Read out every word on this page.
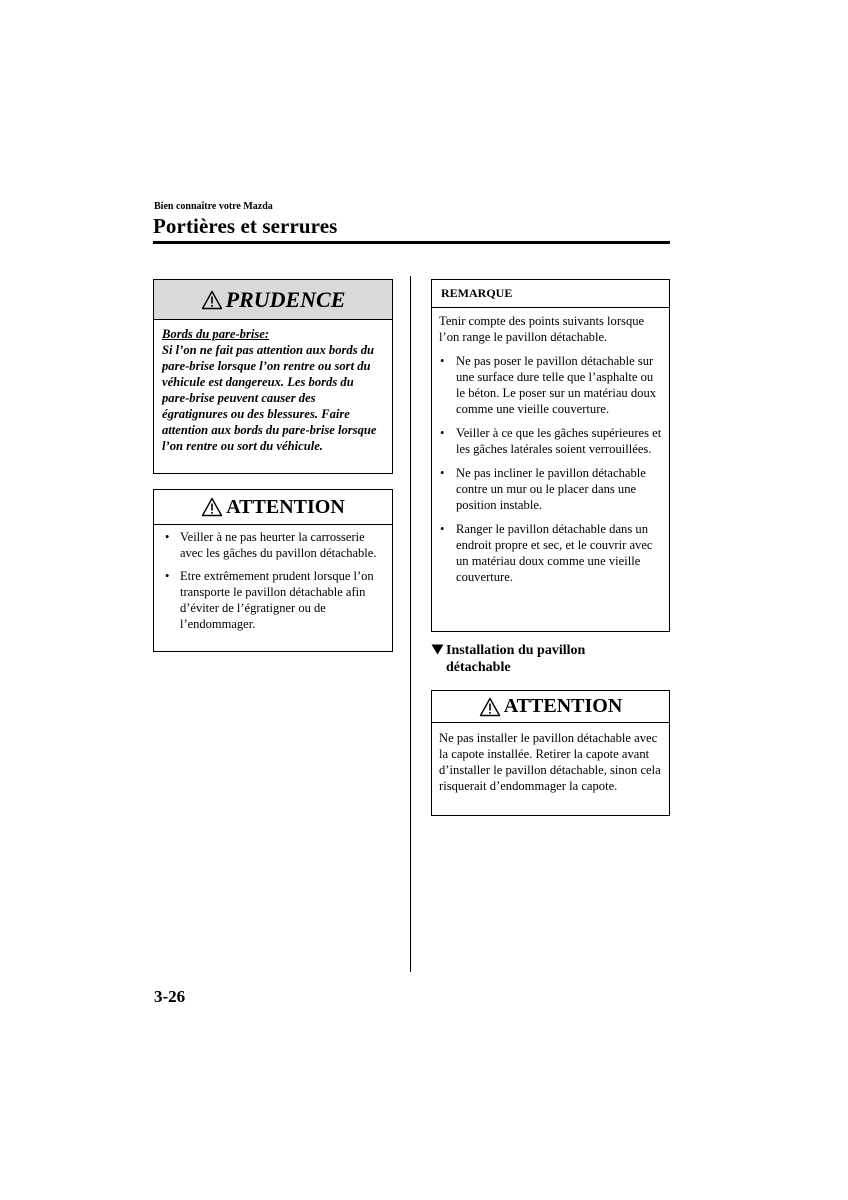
Bien connaître votre Mazda
Portières et serrures
PRUDENCE
Bords du pare-brise:
Si l’on ne fait pas attention aux bords du pare-brise lorsque l’on rentre ou sort du véhicule est dangereux. Les bords du pare-brise peuvent causer des égratignures ou des blessures. Faire attention aux bords du pare-brise lorsque l’on rentre ou sort du véhicule.
ATTENTION
• Veiller à ne pas heurter la carrosserie avec les gâches du pavillon détachable.
• Etre extrêmement prudent lorsque l’on transporte le pavillon détachable afin d’éviter de l’égratigner ou de l’endommager.
REMARQUE
Tenir compte des points suivants lorsque l’on range le pavillon détachable.
• Ne pas poser le pavillon détachable sur une surface dure telle que l’asphalte ou le béton. Le poser sur un matériau doux comme une vieille couverture.
• Veiller à ce que les gâches supérieures et les gâches latérales soient verrouillées.
• Ne pas incliner le pavillon détachable contre un mur ou le placer dans une position instable.
• Ranger le pavillon détachable dans un endroit propre et sec, et le couvrir avec un matériau doux comme une vieille couverture.
Installation du pavillon
détachable
ATTENTION
Ne pas installer le pavillon détachable avec la capote installée. Retirer la capote avant d’installer le pavillon détachable, sinon cela risquerait d’endommager la capote.
3-26
